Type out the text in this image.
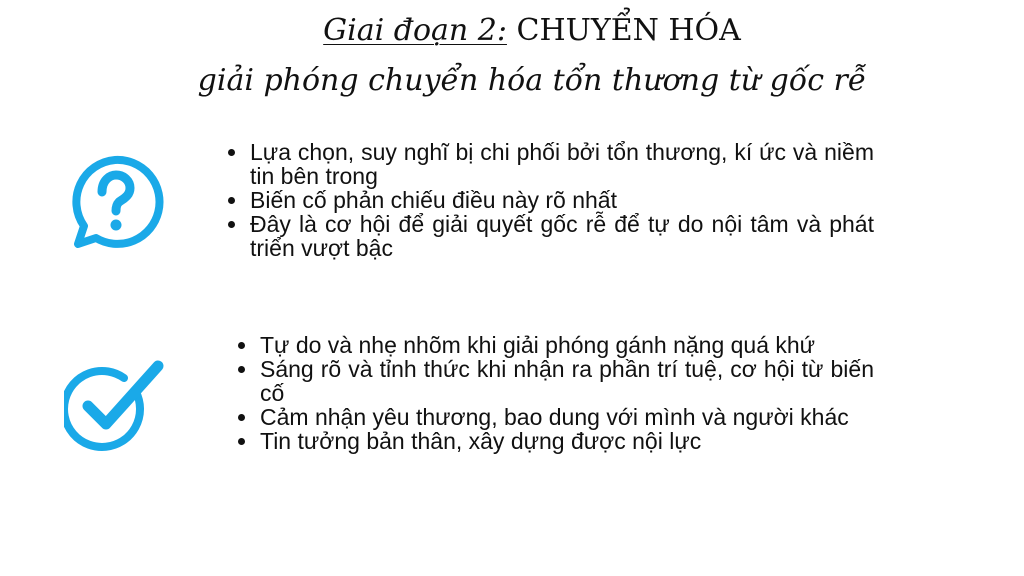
Giai đoạn 2: CHUYỂN HÓA
giải phóng chuyển hóa tổn thương từ gốc rễ
Lựa chọn, suy nghĩ bị chi phối bởi tổn thương, kí ức và niềm tin bên trong
Biến cố phản chiếu điều này rõ nhất
Đây là cơ hội để giải quyết gốc rễ để tự do nội tâm và phát triển vượt bậc
Tự do và nhẹ nhõm khi giải phóng gánh nặng quá khứ
Sáng rõ và tỉnh thức khi nhận ra phần trí tuệ, cơ hội từ biến cố
Cảm nhận yêu thương, bao dung với mình và người khác
Tin tưởng bản thân, xây dựng được nội lực
